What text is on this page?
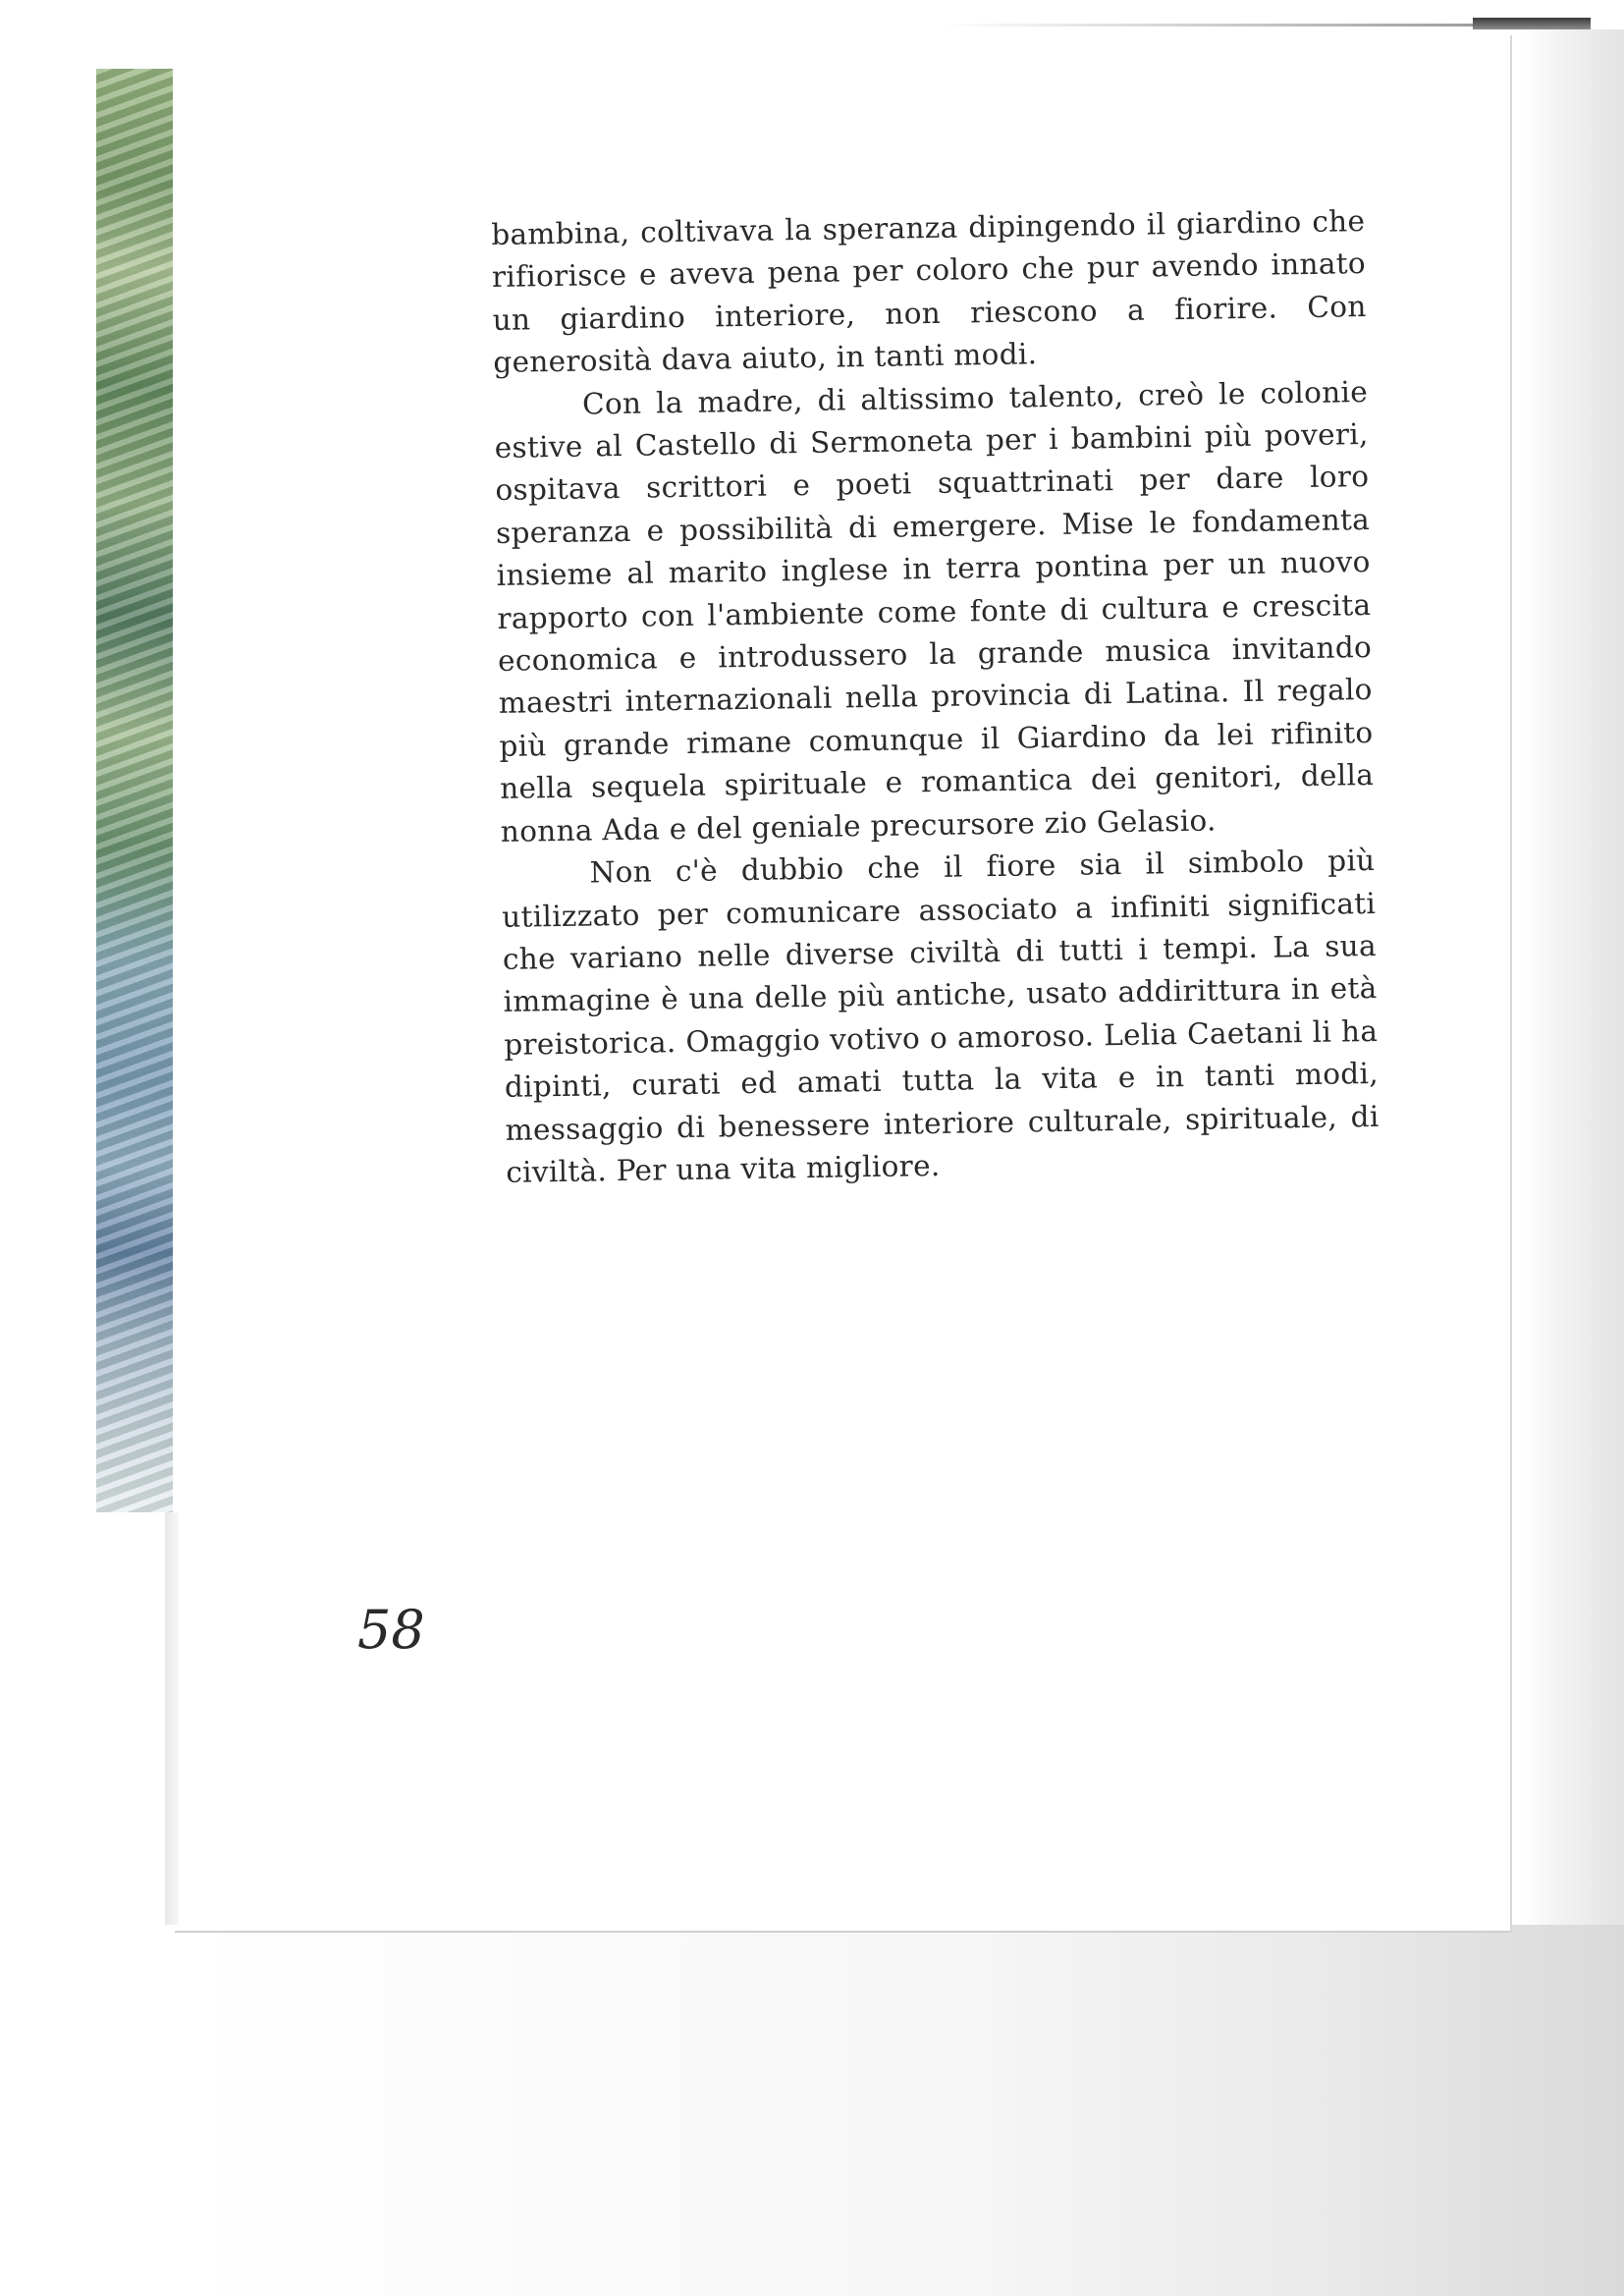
bambina, coltivava la speranza dipingendo il giardino che rifiorisce e aveva pena per coloro che pur avendo innato un giardino interiore, non riescono a fiorire. Con generosità dava aiuto, in tanti modi.

Con la madre, di altissimo talento, creò le colonie estive al Castello di Sermoneta per i bambini più poveri, ospitava scrittori e poeti squattrinati per dare loro speranza e possibilità di emergere. Mise le fondamenta insieme al marito inglese in terra pontina per un nuovo rapporto con l'ambiente come fonte di cultura e crescita economica e introdussero la grande musica invitando maestri internazionali nella provincia di Latina. Il regalo più grande rimane comunque il Giardino da lei rifinito nella sequela spirituale e romantica dei genitori, della nonna Ada e del geniale precursore zio Gelasio.

Non c'è dubbio che il fiore sia il simbolo più utilizzato per comunicare associato a infiniti significati che variano nelle diverse civiltà di tutti i tempi. La sua immagine è una delle più antiche, usato addirittura in età preistorica. Omaggio votivo o amoroso. Lelia Caetani li ha dipinti, curati ed amati tutta la vita e in tanti modi, messaggio di benessere interiore culturale, spirituale, di civiltà. Per una vita migliore.

58
